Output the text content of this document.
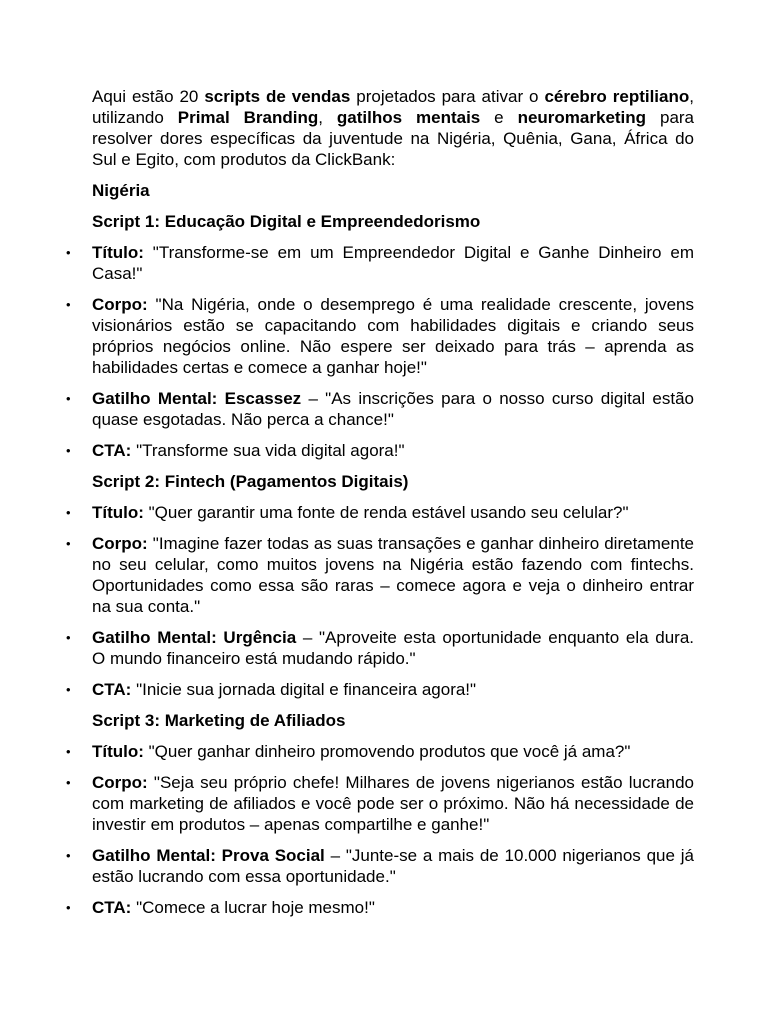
Aqui estão 20 scripts de vendas projetados para ativar o cérebro reptiliano, utilizando Primal Branding, gatilhos mentais e neuromarketing para resolver dores específicas da juventude na Nigéria, Quênia, Gana, África do Sul e Egito, com produtos da ClickBank:

Nigéria

Script 1: Educação Digital e Empreendedorismo

• Título: "Transforme-se em um Empreendedor Digital e Ganhe Dinheiro em Casa!"
• Corpo: "Na Nigéria, onde o desemprego é uma realidade crescente, jovens visionários estão se capacitando com habilidades digitais e criando seus próprios negócios online. Não espere ser deixado para trás – aprenda as habilidades certas e comece a ganhar hoje!"
• Gatilho Mental: Escassez – "As inscrições para o nosso curso digital estão quase esgotadas. Não perca a chance!"
• CTA: "Transforme sua vida digital agora!"

Script 2: Fintech (Pagamentos Digitais)

• Título: "Quer garantir uma fonte de renda estável usando seu celular?"
• Corpo: "Imagine fazer todas as suas transações e ganhar dinheiro diretamente no seu celular, como muitos jovens na Nigéria estão fazendo com fintechs. Oportunidades como essa são raras – comece agora e veja o dinheiro entrar na sua conta."
• Gatilho Mental: Urgência – "Aproveite esta oportunidade enquanto ela dura. O mundo financeiro está mudando rápido."
• CTA: "Inicie sua jornada digital e financeira agora!"

Script 3: Marketing de Afiliados

• Título: "Quer ganhar dinheiro promovendo produtos que você já ama?"
• Corpo: "Seja seu próprio chefe! Milhares de jovens nigerianos estão lucrando com marketing de afiliados e você pode ser o próximo. Não há necessidade de investir em produtos – apenas compartilhe e ganhe!"
• Gatilho Mental: Prova Social – "Junte-se a mais de 10.000 nigerianos que já estão lucrando com essa oportunidade."
• CTA: "Comece a lucrar hoje mesmo!"
